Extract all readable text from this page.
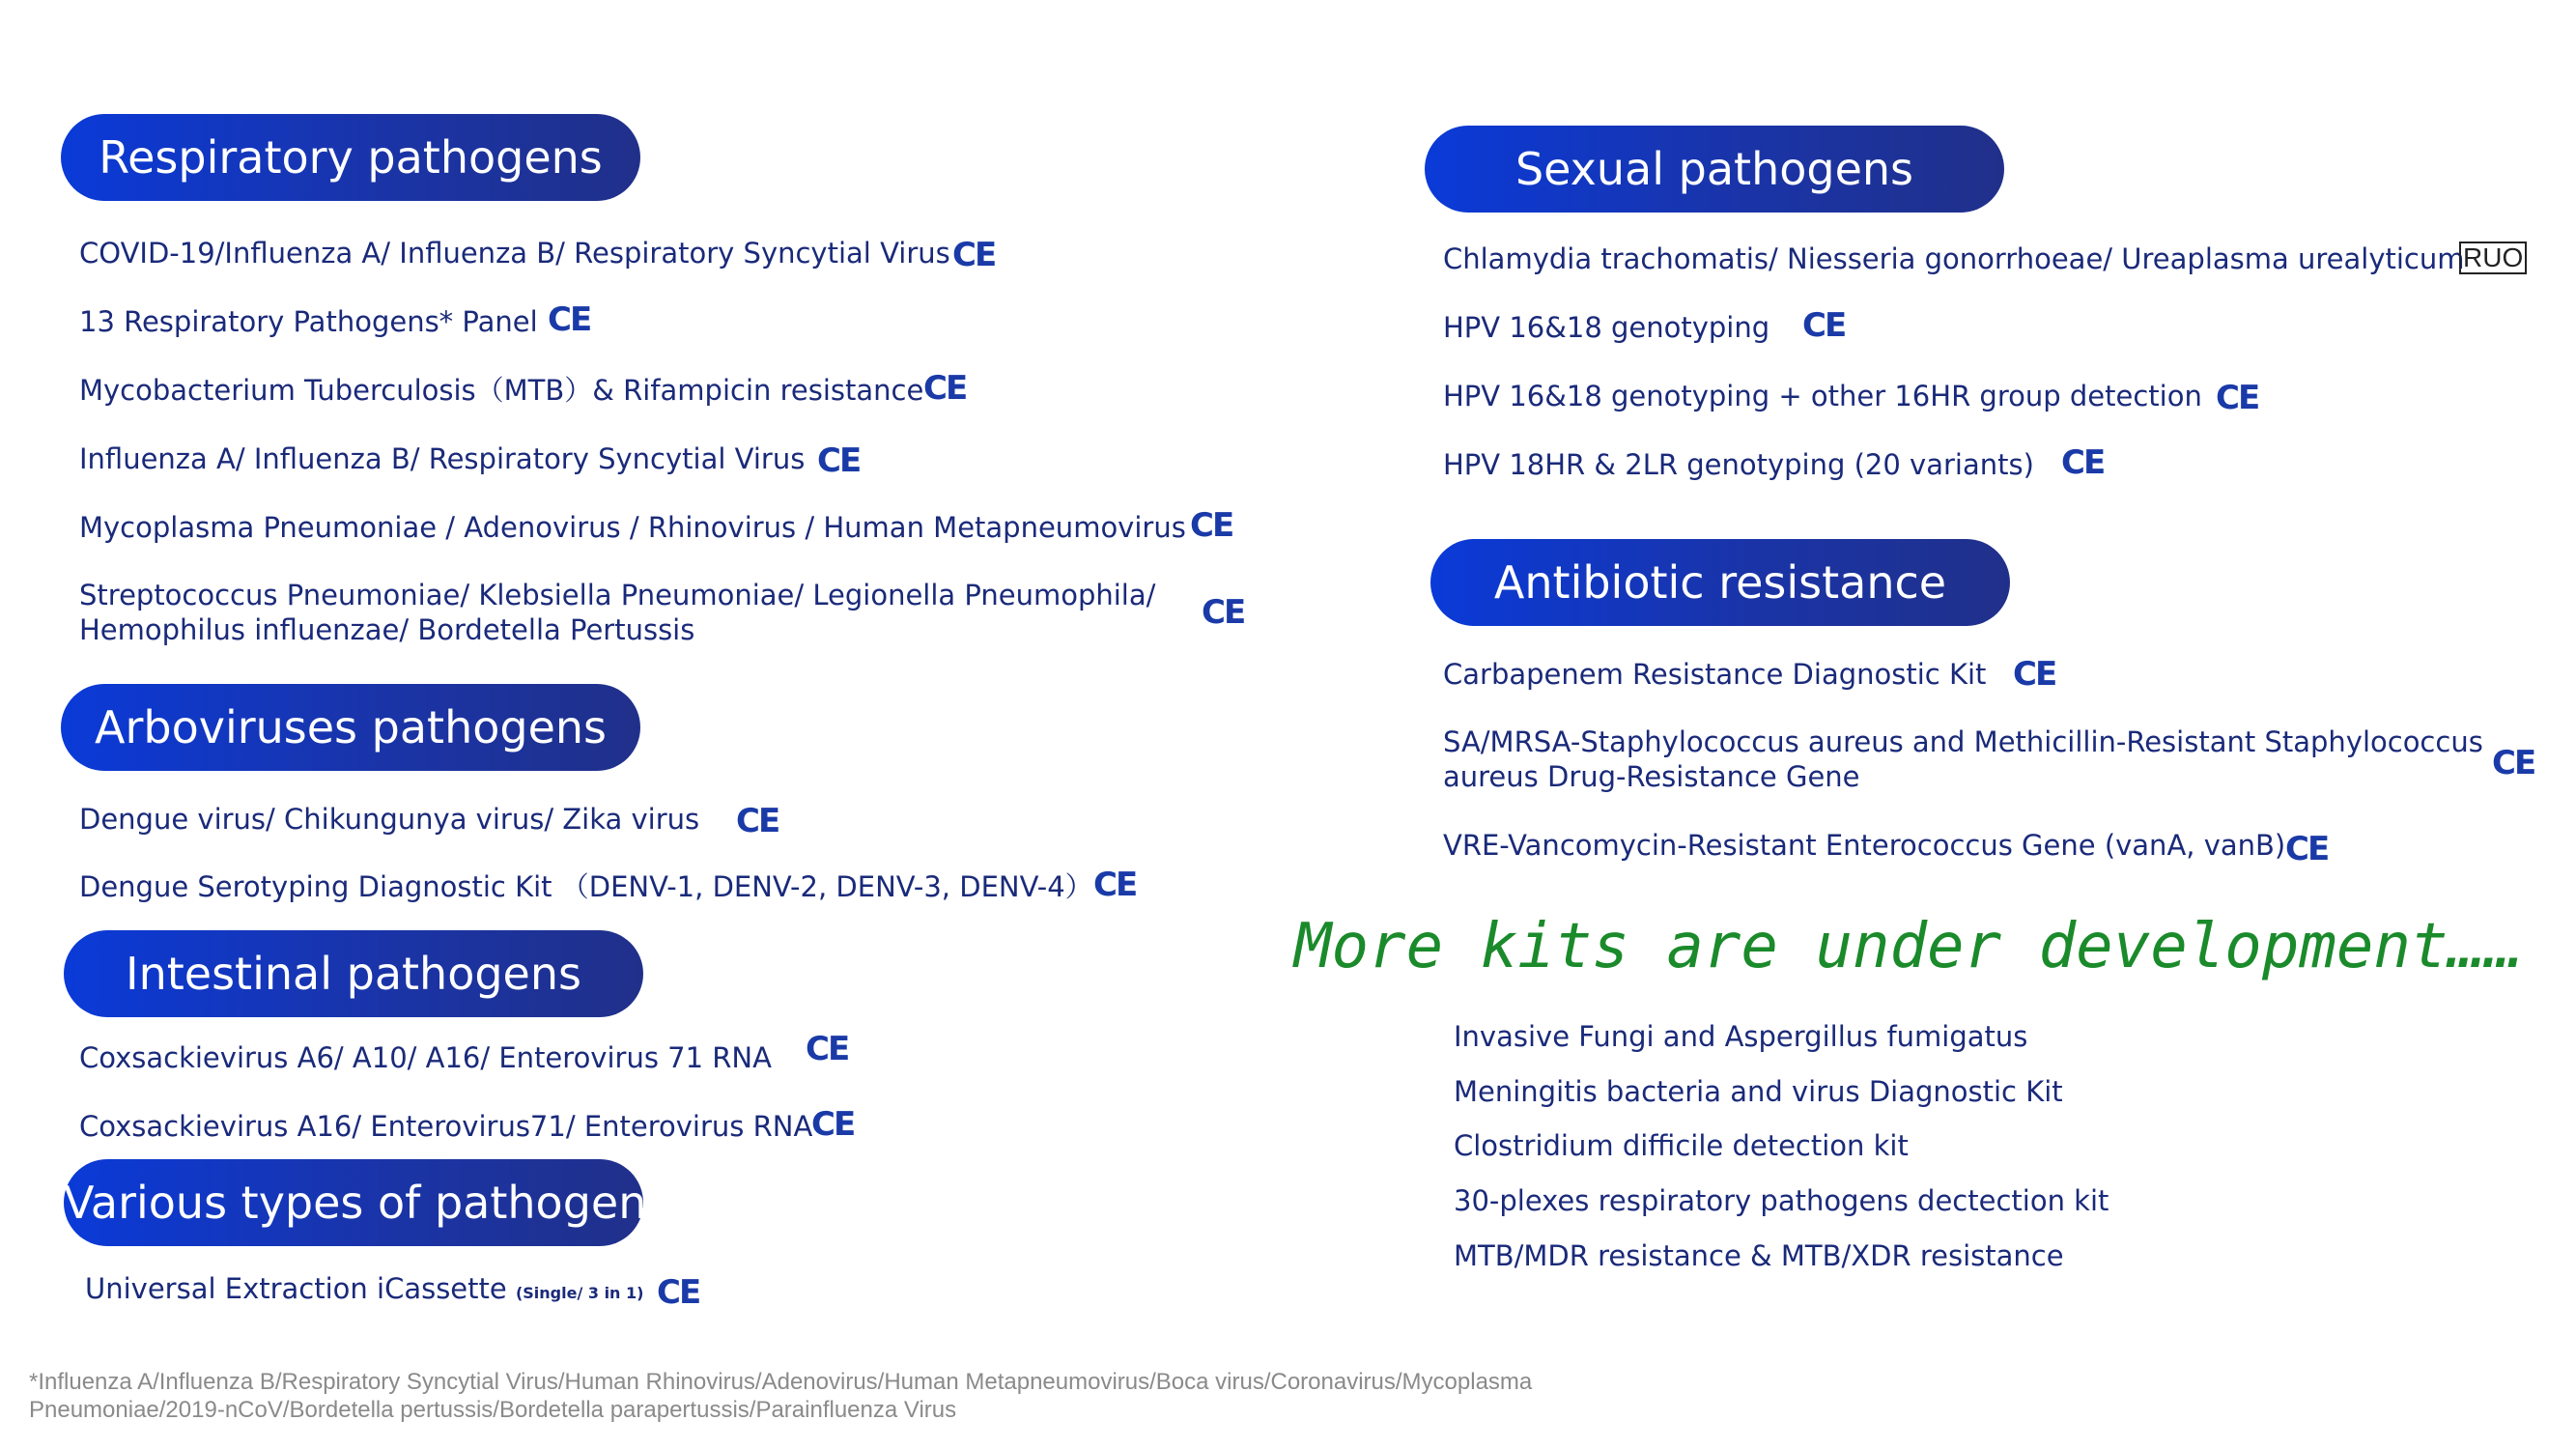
Respiratory pathogens
COVID-19/Influenza A/ Influenza B/ Respiratory Syncytial Virus CE
13 Respiratory Pathogens* Panel CE
Mycobacterium Tuberculosis（MTB）& Rifampicin resistance CE
Influenza A/ Influenza B/ Respiratory Syncytial Virus CE
Mycoplasma Pneumoniae / Adenovirus / Rhinovirus / Human Metapneumovirus CE
Streptococcus Pneumoniae/ Klebsiella Pneumoniae/ Legionella Pneumophila/
Hemophilus influenzae/ Bordetella Pertussis	CE
Arboviruses pathogens
Dengue virus/ Chikungunya virus/ Zika virus CE
Dengue Serotyping Diagnostic Kit （DENV-1, DENV-2, DENV-3, DENV-4） CE
Intestinal pathogens
Coxsackievirus A6/ A10/ A16/ Enterovirus 71 RNA CE
Coxsackievirus A16/ Enterovirus71/ Enterovirus RNA
CE
Various types of pathogens
Universal Extraction iCassette (Single/ 3 in 1) CE
Sexual pathogens
Chlamydia trachomatis/ Niesseria gonorrhoeae/ Ureaplasma urealyticum
RUO
HPV 16&18 genotyping CE
HPV 16&18 genotyping + other 16HR group detection CE
HPV 18HR & 2LR genotyping (20 variants) CE
Antibiotic resistance
Carbapenem Resistance Diagnostic Kit CE
SA/MRSA-Staphylococcus aureus and Methicillin-Resistant Staphylococcus
aureus Drug-Resistance Gene	CE
VRE-Vancomycin-Resistant Enterococcus Gene (vanA, vanB) CE
More kits are under development……
Invasive Fungi and Aspergillus fumigatus
Meningitis bacteria and virus Diagnostic Kit
Clostridium difficile detection kit
30-plexes respiratory pathogens dectection kit
MTB/MDR resistance & MTB/XDR resistance
*Influenza A/Influenza B/Respiratory Syncytial Virus/Human Rhinovirus/Adenovirus/Human Metapneumovirus/Boca virus/Coronavirus/Mycoplasma
Pneumoniae/2019-nCoV/Bordetella pertussis/Bordetella parapertussis/Parainfluenza Virus
